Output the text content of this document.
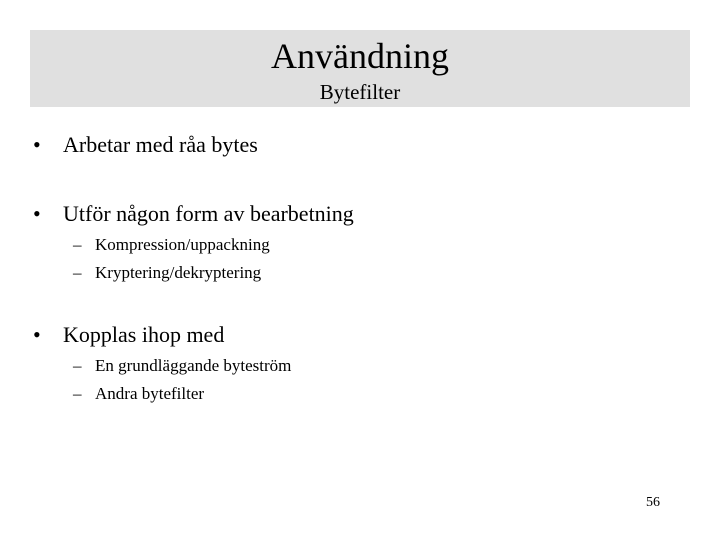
Användning
Bytefilter
• Arbetar med råa bytes
• Utför någon form av bearbetning
– Kompression/uppackning
– Kryptering/dekryptering
• Kopplas ihop med
– En grundläggande byteström
– Andra bytefilter
56
